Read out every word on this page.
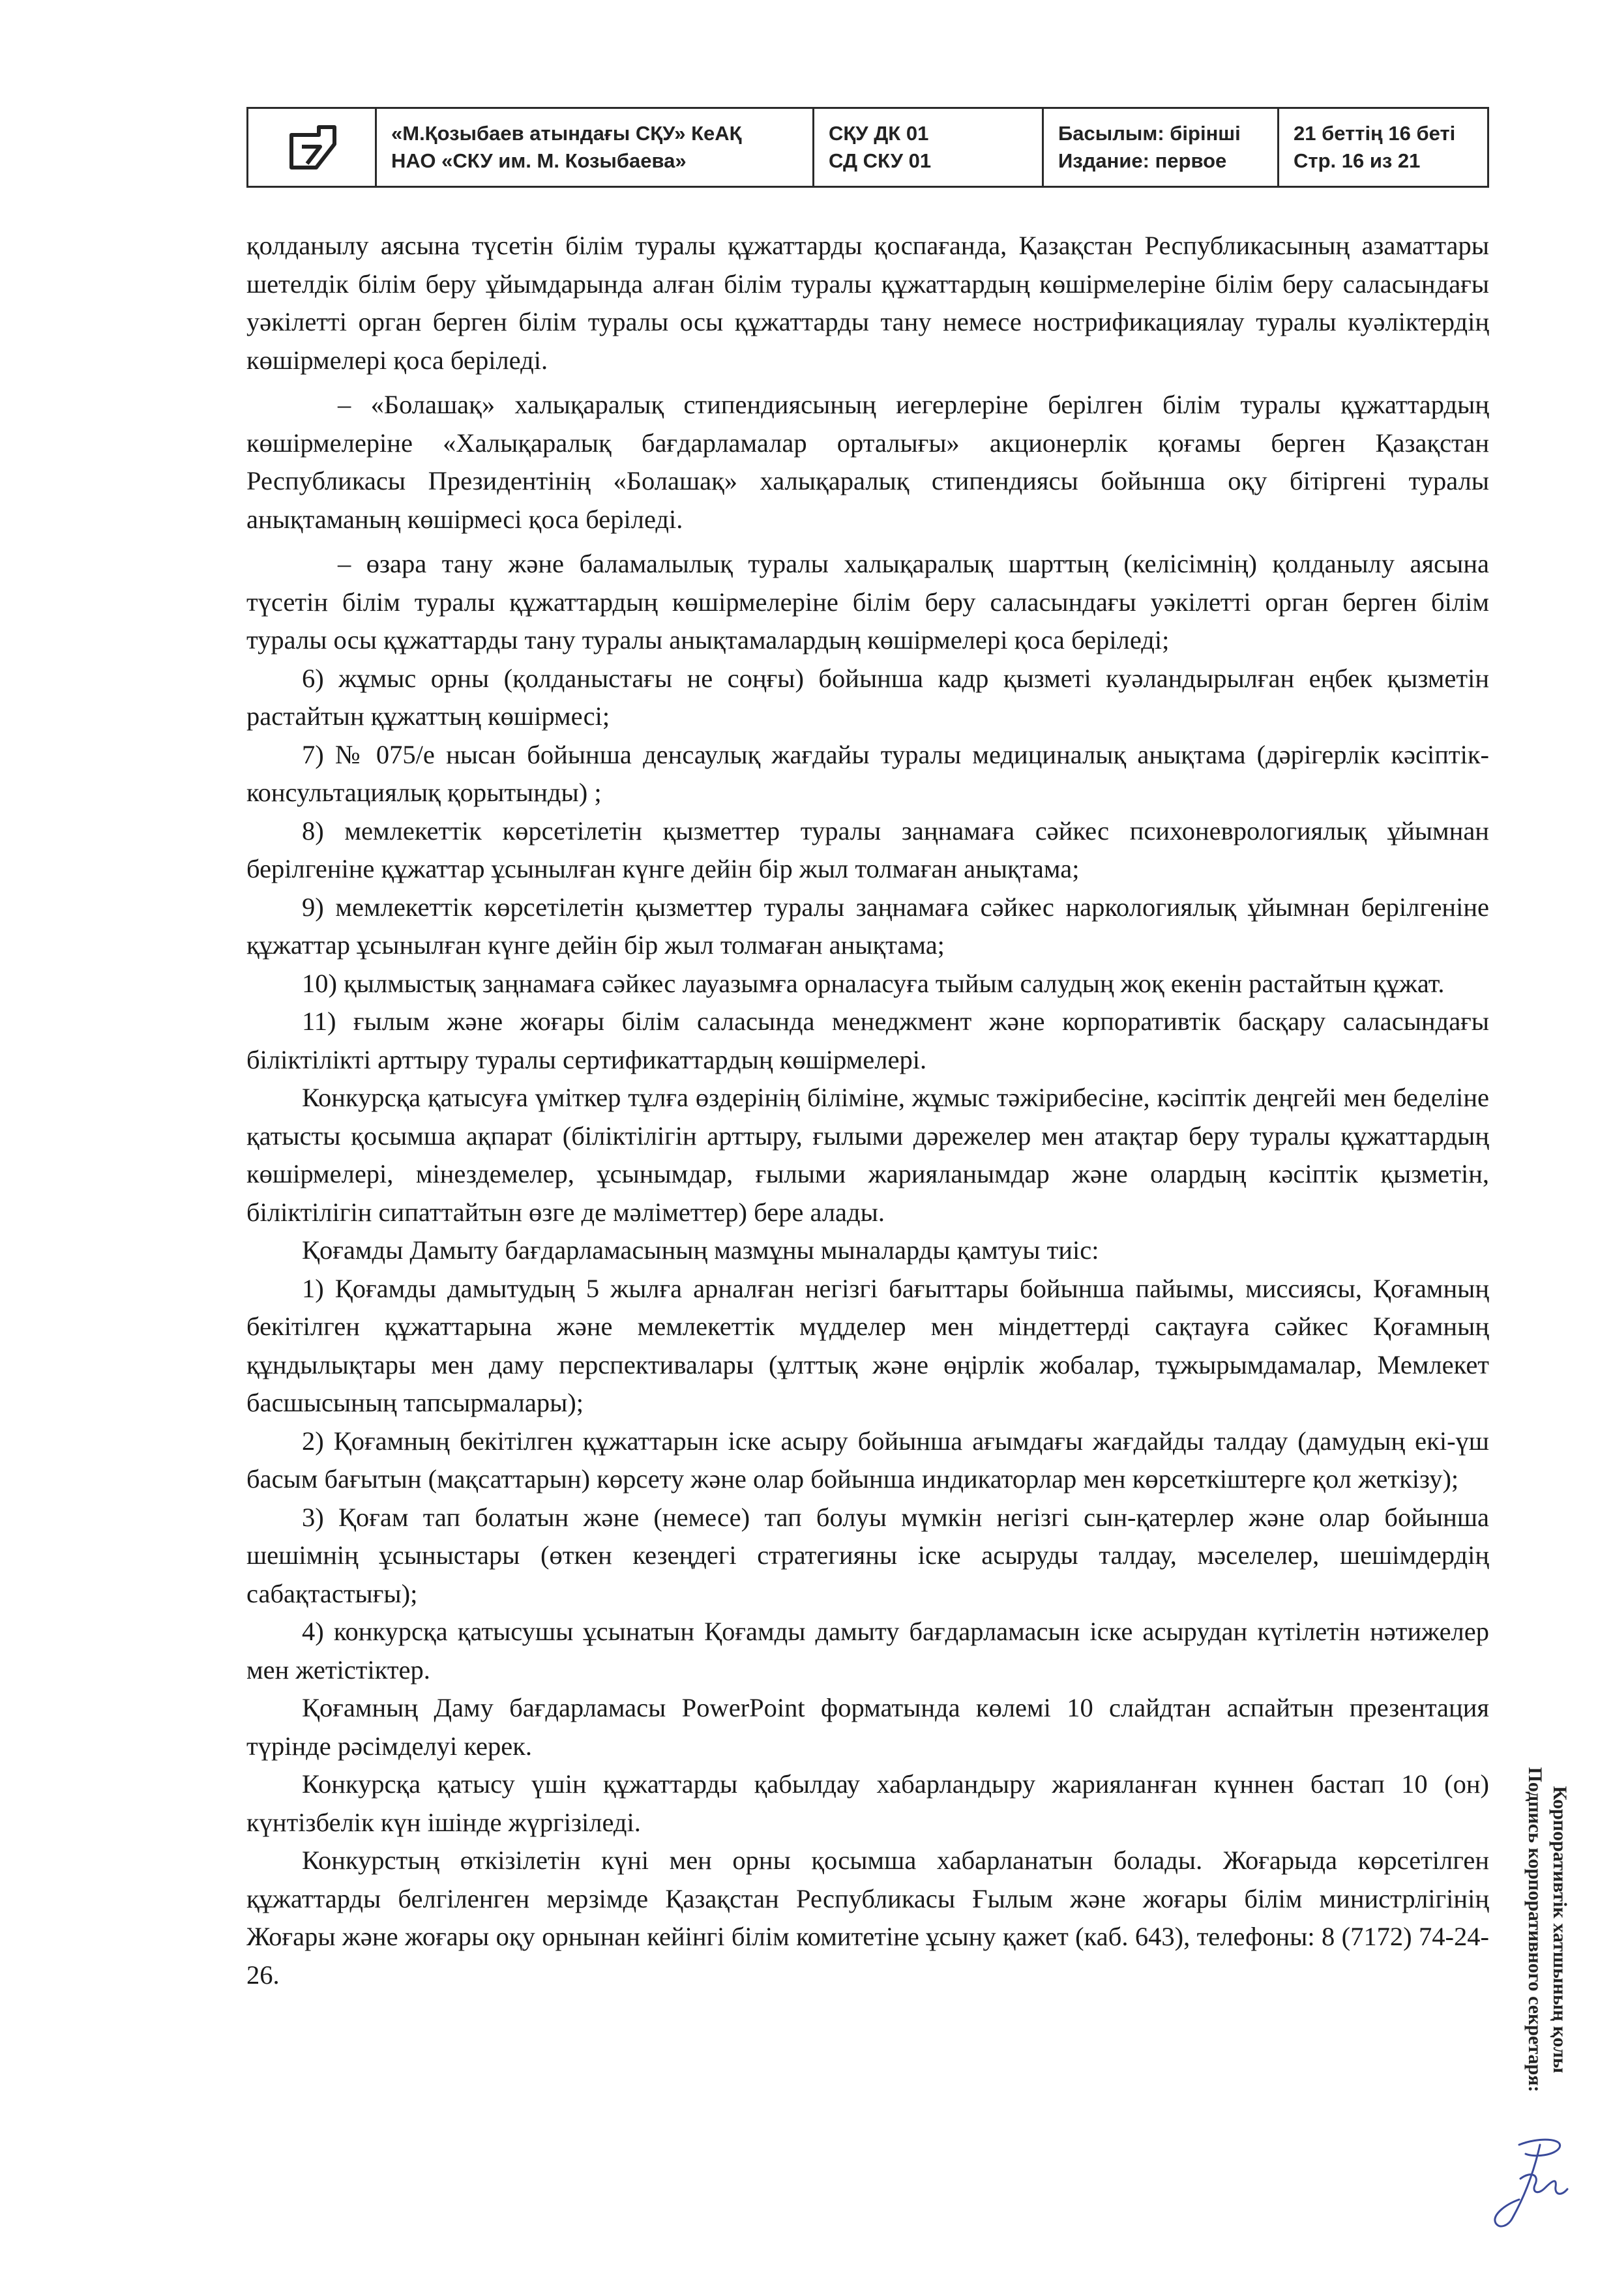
«М.Қозыбаев атындағы СҚУ» КеАҚ
НАО «СКУ им. М. Козыбаева»
СҚУ ДК 01
СД СКУ 01
Басылым: бірінші
Издание: первое
21 беттің 16 беті
Стр. 16 из 21

қолданылу аясына түсетін білім туралы құжаттарды қоспағанда, Қазақстан Республикасының азаматтары шетелдік білім беру ұйымдарында алған білім туралы құжаттардың көшірмелеріне білім беру саласындағы уәкілетті орган берген білім туралы осы құжаттарды тану немесе нострификациялау туралы куәліктердің көшірмелері қоса беріледі.

– «Болашақ» халықаралық стипендиясының иегерлеріне берілген білім туралы құжаттардың көшірмелеріне «Халықаралық бағдарламалар орталығы» акционерлік қоғамы берген Қазақстан Республикасы Президентінің «Болашақ» халықаралық стипендиясы бойынша оқу бітіргені туралы анықтаманың көшірмесі қоса беріледі.

– өзара тану және баламалылық туралы халықаралық шарттың (келісімнің) қолданылу аясына түсетін білім туралы құжаттардың көшірмелеріне білім беру саласындағы уәкілетті орган берген білім туралы осы құжаттарды тану туралы анықтамалардың көшірмелері қоса беріледі;

6) жұмыс орны (қолданыстағы не соңғы) бойынша кадр қызметі куәландырылған еңбек қызметін растайтын құжаттың көшірмесі;

7) № 075/е нысан бойынша денсаулық жағдайы туралы медициналық анықтама (дәрігерлік кәсіптік- консультациялық қорытынды) ;

8) мемлекеттік көрсетілетін қызметтер туралы заңнамаға сәйкес психоневрологиялық ұйымнан берілгеніне құжаттар ұсынылған күнге дейін бір жыл толмаған анықтама;

9) мемлекеттік көрсетілетін қызметтер туралы заңнамаға сәйкес наркологиялық ұйымнан берілгеніне құжаттар ұсынылған күнге дейін бір жыл толмаған анықтама;

10) қылмыстық заңнамаға сәйкес лауазымға орналасуға тыйым салудың жоқ екенін растайтын құжат.

11) ғылым және жоғары білім саласында менеджмент және корпоративтік басқару саласындағы біліктілікті арттыру туралы сертификаттардың көшірмелері.

Конкурсқа қатысуға үміткер тұлға өздерінің біліміне, жұмыс тәжірибесіне, кәсіптік деңгейі мен беделіне қатысты қосымша ақпарат (біліктілігін арттыру, ғылыми дәрежелер мен атақтар беру туралы құжаттардың көшірмелері, мінездемелер, ұсынымдар, ғылыми жарияланымдар және олардың кәсіптік қызметін, біліктілігін сипаттайтын өзге де мәліметтер) бере алады.

Қоғамды Дамыту бағдарламасының мазмұны мыналарды қамтуы тиіс:

1) Қоғамды дамытудың 5 жылға арналған негізгі бағыттары бойынша пайымы, миссиясы, Қоғамның бекітілген құжаттарына және мемлекеттік мүдделер мен міндеттерді сақтауға сәйкес Қоғамның құндылықтары мен даму перспективалары (ұлттық және өңірлік жобалар, тұжырымдамалар, Мемлекет басшысының тапсырмалары);

2) Қоғамның бекітілген құжаттарын іске асыру бойынша ағымдағы жағдайды талдау (дамудың екі-үш басым бағытын (мақсаттарын) көрсету және олар бойынша индикаторлар мен көрсеткіштерге қол жеткізу);

3) Қоғам тап болатын және (немесе) тап болуы мүмкін негізгі сын-қатерлер және олар бойынша шешімнің ұсыныстары (өткен кезеңдегі стратегияны іске асыруды талдау, мәселелер, шешімдердің сабақтастығы);

4) конкурсқа қатысушы ұсынатын Қоғамды дамыту бағдарламасын іске асырудан күтілетін нәтижелер мен жетістіктер.

Қоғамның Даму бағдарламасы PowerPoint форматында көлемі 10 слайдтан аспайтын презентация түрінде рәсімделуі керек.

Конкурсқа қатысу үшін құжаттарды қабылдау хабарландыру жарияланған күннен бастап 10 (он) күнтізбелік күн ішінде жүргізіледі.

Конкурстың өткізілетін күні мен орны қосымша хабарланатын болады. Жоғарыда көрсетілген құжаттарды белгіленген мерзімде Қазақстан Республикасы Ғылым және жоғары білім министрлігінің Жоғары және жоғары оқу орнынан кейінгі білім комитетіне ұсыну қажет (каб. 643), телефоны: 8 (7172) 74-24-26.	Корпоративтік хатшының қолы
Подпись корпоративного секретаря:
